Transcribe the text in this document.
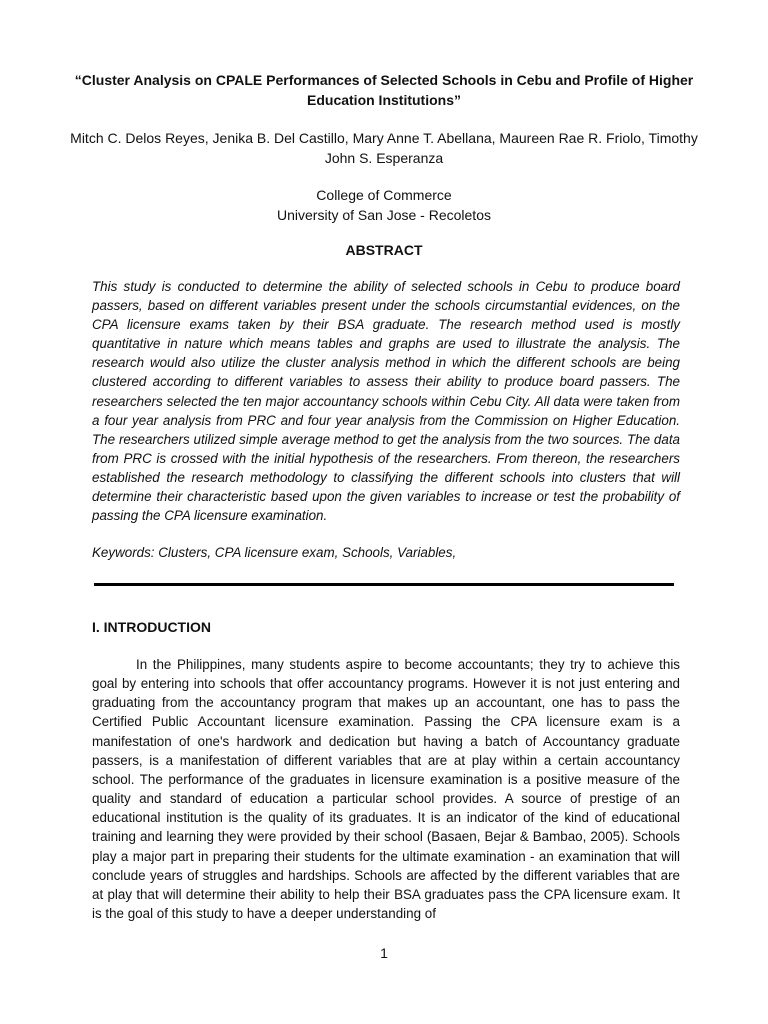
“Cluster Analysis on CPALE Performances of Selected Schools in Cebu and Profile of Higher Education Institutions”
Mitch C. Delos Reyes, Jenika B. Del Castillo, Mary Anne T. Abellana, Maureen Rae R. Friolo, Timothy John S. Esperanza
College of Commerce
University of San Jose - Recoletos
ABSTRACT

This study is conducted to determine the ability of selected schools in Cebu to produce board passers, based on different variables present under the schools circumstantial evidences, on the CPA licensure exams taken by their BSA graduate. The research method used is mostly quantitative in nature which means tables and graphs are used to illustrate the analysis. The research would also utilize the cluster analysis method in which the different schools are being clustered according to different variables to assess their ability to produce board passers. The researchers selected the ten major accountancy schools within Cebu City. All data were taken from a four year analysis from PRC and four year analysis from the Commission on Higher Education. The researchers utilized simple average method to get the analysis from the two sources. The data from PRC is crossed with the initial hypothesis of the researchers. From thereon, the researchers established the research methodology to classifying the different schools into clusters that will determine their characteristic based upon the given variables to increase or test the probability of passing the CPA licensure examination.

Keywords: Clusters, CPA licensure exam, Schools, Variables,

I. INTRODUCTION

In the Philippines, many students aspire to become accountants; they try to achieve this goal by entering into schools that offer accountancy programs. However it is not just entering and graduating from the accountancy program that makes up an accountant, one has to pass the Certified Public Accountant licensure examination. Passing the CPA licensure exam is a manifestation of one's hardwork and dedication but having a batch of Accountancy graduate passers, is a manifestation of different variables that are at play within a certain accountancy school. The performance of the graduates in licensure examination is a positive measure of the quality and standard of education a particular school provides. A source of prestige of an educational institution is the quality of its graduates. It is an indicator of the kind of educational training and learning they were provided by their school (Basaen, Bejar & Bambao, 2005). Schools play a major part in preparing their students for the ultimate examination - an examination that will conclude years of struggles and hardships. Schools are affected by the different variables that are at play that will determine their ability to help their BSA graduates pass the CPA licensure exam. It is the goal of this study to have a deeper understanding of

1
